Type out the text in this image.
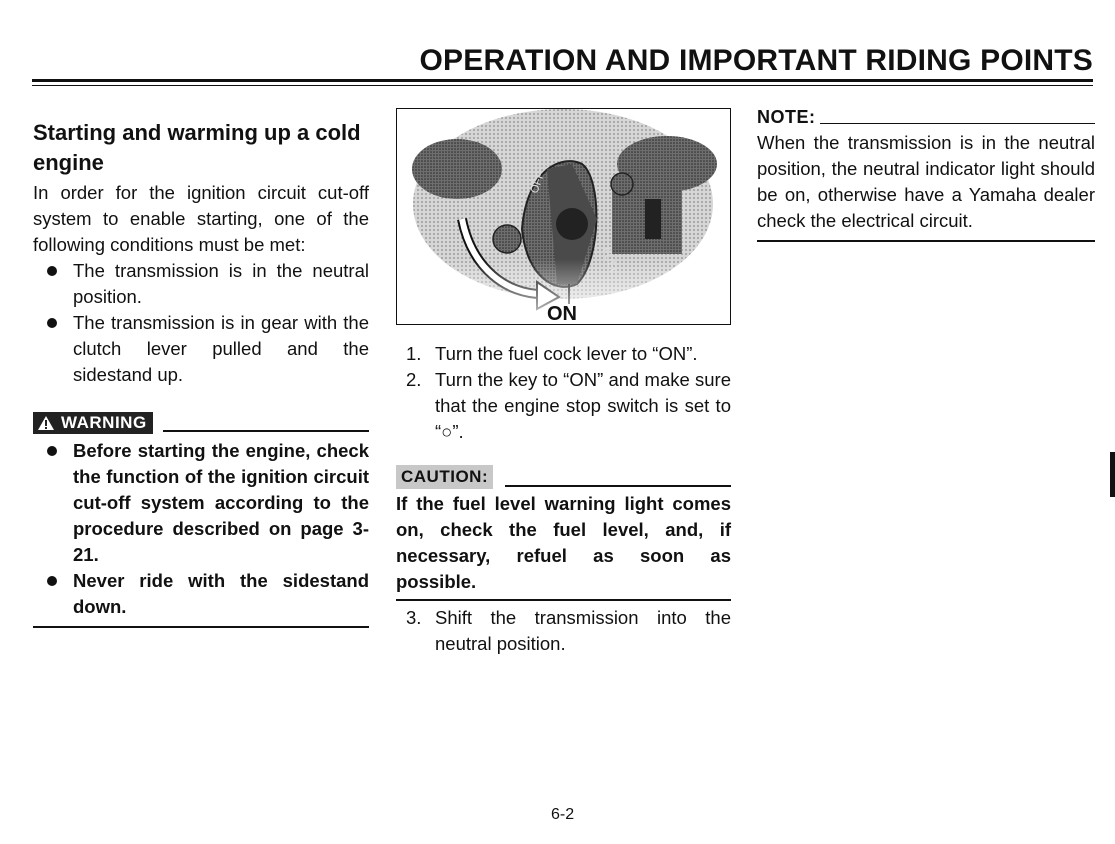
OPERATION AND IMPORTANT RIDING POINTS
Starting and warming up a cold engine

In order for the ignition circuit cut-off system to enable starting, one of the following conditions must be met:

The transmission is in the neutral position.
The transmission is in gear with the clutch lever pulled and the sidestand up.
WARNING
Before starting the engine, check the function of the ignition circuit cut-off system according to the procedure described on page 3-21.
Never ride with the sidestand down.
OFF
ON
1. Turn the fuel cock lever to “ON”.
2. Turn the key to “ON” and make sure that the engine stop switch is set to “○”.
CAUTION:

If the fuel level warning light comes on, check the fuel level, and, if necessary, refuel as soon as possible.

3. Shift the transmission into the neutral position.
NOTE:

When the transmission is in the neutral position, the neutral indicator light should be on, otherwise have a Yamaha dealer check the electrical circuit.

6-2
